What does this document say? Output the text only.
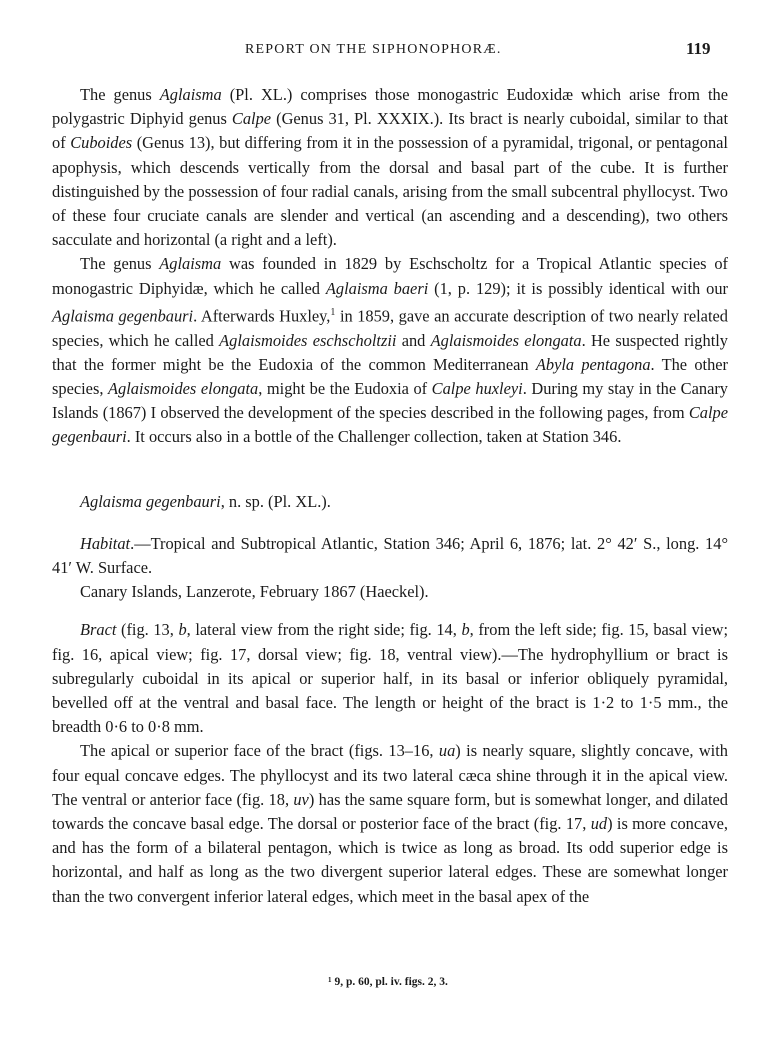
REPORT ON THE SIPHONOPHORÆ.	119

The genus Aglaisma (Pl. XL.) comprises those monogastric Eudoxidæ which arise from the polygastric Diphyid genus Calpe (Genus 31, Pl. XXXIX.). Its bract is nearly cuboidal, similar to that of Cuboides (Genus 13), but differing from it in the possession of a pyramidal, trigonal, or pentagonal apophysis, which descends vertically from the dorsal and basal part of the cube. It is further distinguished by the possession of four radial canals, arising from the small subcentral phyllocyst. Two of these four cruciate canals are slender and vertical (an ascending and a descending), two others sacculate and horizontal (a right and a left).

The genus Aglaisma was founded in 1829 by Eschscholtz for a Tropical Atlantic species of monogastric Diphyidæ, which he called Aglaisma baeri (1, p. 129); it is possibly identical with our Aglaisma gegenbauri. Afterwards Huxley,$^1$ in 1859, gave an accurate description of two nearly related species, which he called Aglaismoides eschscholtzii and Aglaismoides elongata. He suspected rightly that the former might be the Eudoxia of the common Mediterranean Abyla pentagona. The other species, Aglaismoides elongata, might be the Eudoxia of Calpe huxleyi. During my stay in the Canary Islands (1867) I observed the development of the species described in the following pages, from Calpe gegenbauri. It occurs also in a bottle of the Challenger collection, taken at Station 346.

Aglaisma gegenbauri, n. sp. (Pl. XL.).

Habitat.—Tropical and Subtropical Atlantic, Station 346; April 6, 1876; lat. 2° 42′ S., long. 14° 41′ W. Surface.

Canary Islands, Lanzerote, February 1867 (Haeckel).

Bract (fig. 13, b, lateral view from the right side; fig. 14, b, from the left side; fig. 15, basal view; fig. 16, apical view; fig. 17, dorsal view; fig. 18, ventral view).—The hydrophyllium or bract is subregularly cuboidal in its apical or superior half, in its basal or inferior obliquely pyramidal, bevelled off at the ventral and basal face. The length or height of the bract is 1·2 to 1·5 mm., the breadth 0·6 to 0·8 mm.

The apical or superior face of the bract (figs. 13–16, ua) is nearly square, slightly concave, with four equal concave edges. The phyllocyst and its two lateral cæca shine through it in the apical view. The ventral or anterior face (fig. 18, uv) has the same square form, but is somewhat longer, and dilated towards the concave basal edge. The dorsal or posterior face of the bract (fig. 17, ud) is more concave, and has the form of a bilateral pentagon, which is twice as long as broad. Its odd superior edge is horizontal, and half as long as the two divergent superior lateral edges. These are somewhat longer than the two convergent inferior lateral edges, which meet in the basal apex of the

¹ 9, p. 60, pl. iv. figs. 2, 3.
